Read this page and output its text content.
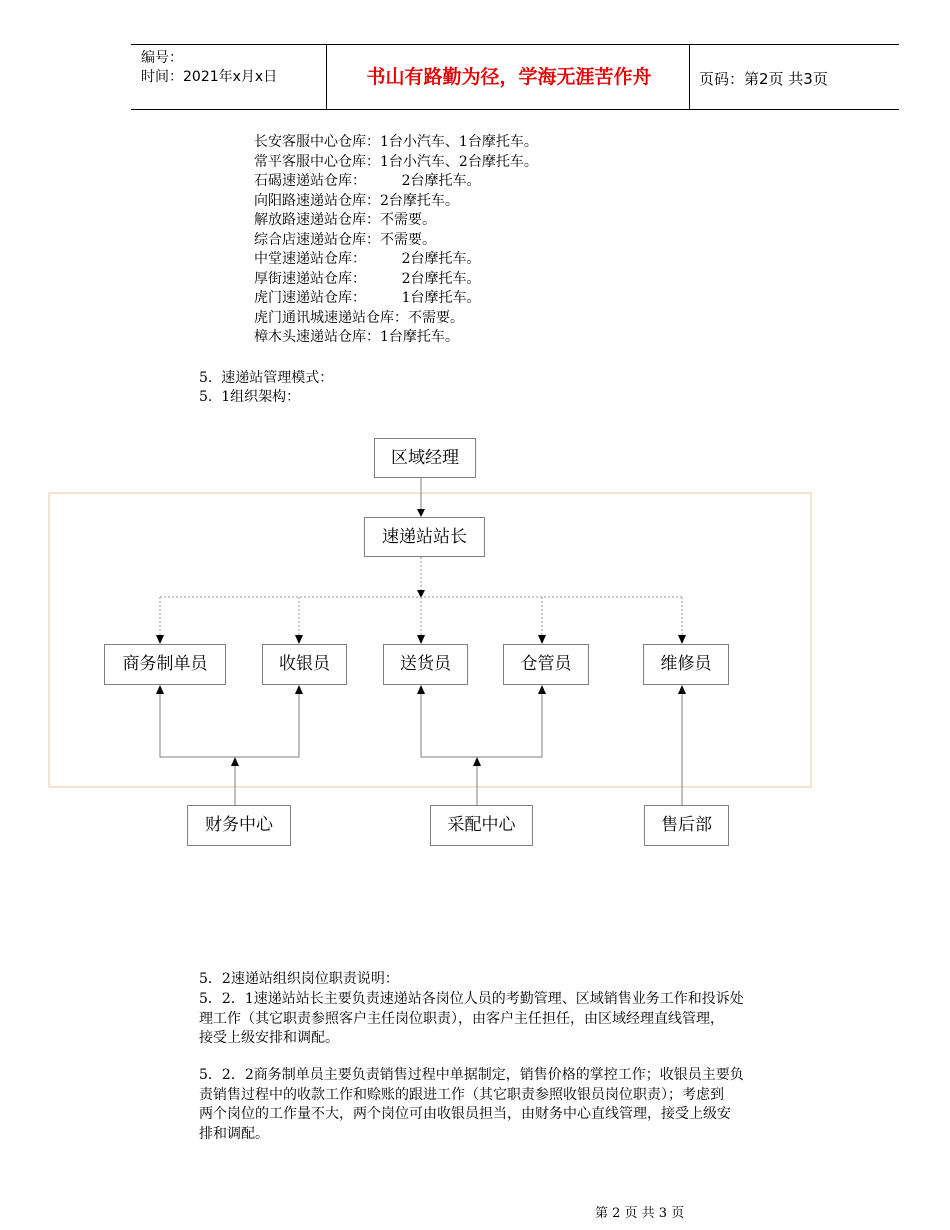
编号：
时间：2021年x月x日	书山有路勤为径，学海无涯苦作舟	页码：第2页 共3页
长安客服中心仓库：1台小汽车、1台摩托车。
常平客服中心仓库：1台小汽车、2台摩托车。
石碣速递站仓库：        2台摩托车。
向阳路速递站仓库：2台摩托车。
解放路速递站仓库：不需要。
综合店速递站仓库：不需要。
中堂速递站仓库：        2台摩托车。
厚街速递站仓库：        2台摩托车。
虎门速递站仓库：        1台摩托车。
虎门通讯城速递站仓库：不需要。
樟木头速递站仓库：1台摩托车。
5.  速递站管理模式：
5.  1组织架构：
区域经理
速递站站长
商务制单员	收银员	送货员	仓管员	维修员
财务中心	采配中心	售后部
5．2速递站组织岗位职责说明：
5．2．1速递站站长主要负责速递站各岗位人员的考勤管理、区域销售业务工作和投诉处
理工作（其它职责参照客户主任岗位职责），由客户主任担任，由区域经理直线管理，
接受上级安排和调配。
5．2．2商务制单员主要负责销售过程中单据制定，销售价格的掌控工作；收银员主要负
责销售过程中的收款工作和赊账的跟进工作（其它职责参照收银员岗位职责）；考虑到
两个岗位的工作量不大，两个岗位可由收银员担当，由财务中心直线管理，接受上级安
排和调配。
第 2 页 共 3 页
